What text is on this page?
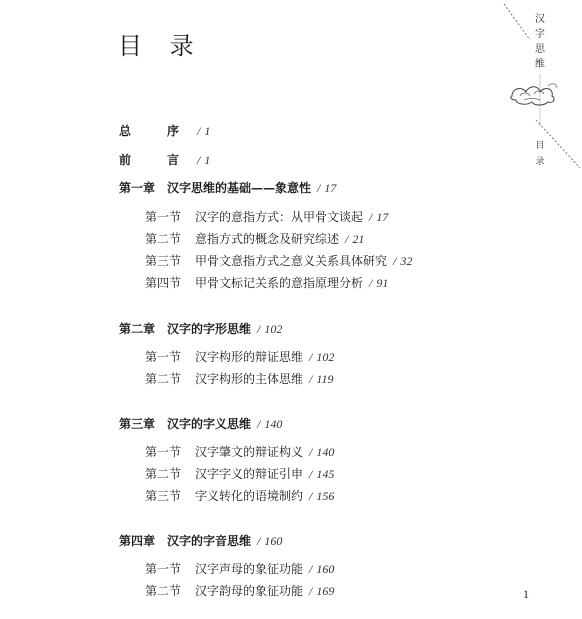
目 录
总　序 / 1
前　言 / 1
第一章 汉字思维的基础——象意性 / 17
第一节 汉字的意指方式：从甲骨文谈起 / 17
第二节 意指方式的概念及研究综述 / 21
第三节 甲骨文意指方式之意义关系具体研究 / 32
第四节 甲骨文标记关系的意指原理分析 / 91
第二章 汉字的字形思维 / 102
第一节 汉字构形的辩证思维 / 102
第二节 汉字构形的主体思维 / 119
第三章 汉字的字义思维 / 140
第一节 汉字肇文的辩证构义 / 140
第二节 汉字字义的辩证引申 / 145
第三节 字义转化的语境制约 / 156
第四章 汉字的字音思维 / 160
第一节 汉字声母的象征功能 / 160
第二节 汉字韵母的象征功能 / 169
汉
字
思
维
目
录
1
